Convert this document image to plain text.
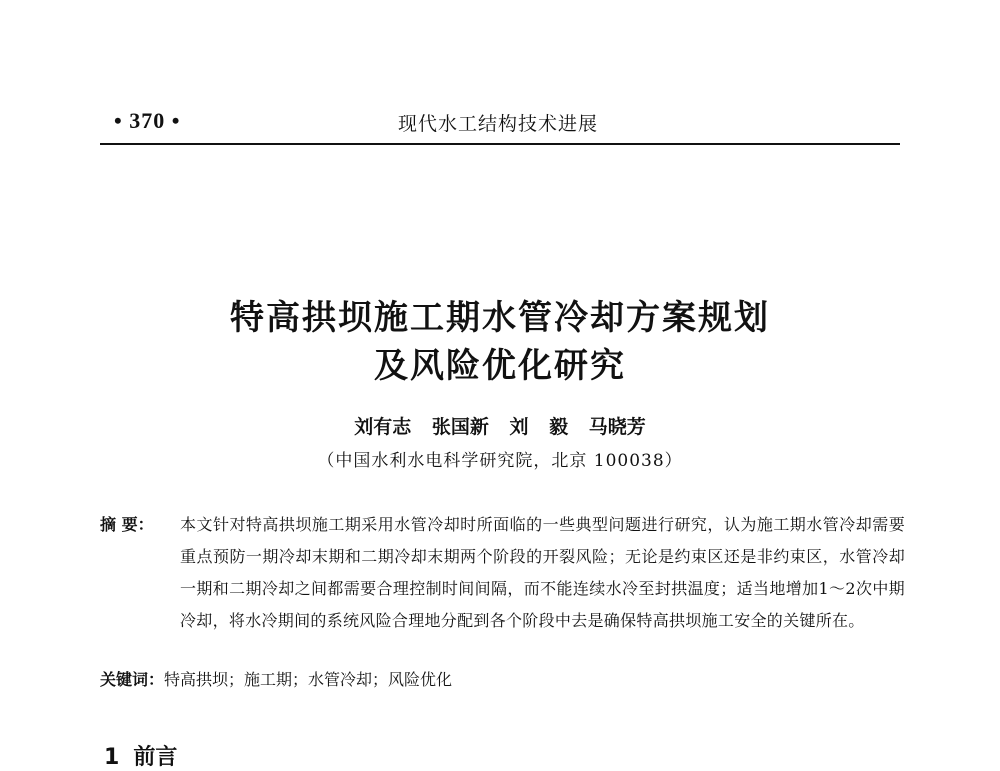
• 370 •	现代水工结构技术进展
特高拱坝施工期水管冷却方案规划
及风险优化研究
刘有志 张国新 刘 毅 马晓芳
（中国水利水电科学研究院，北京 100038）
摘 要：	本文针对特高拱坝施工期采用水管冷却时所面临的一些典型问题进行研究，认为施工期水管冷却需要重点预防一期冷却末期和二期冷却末期两个阶段的开裂风险；无论是约束区还是非约束区，水管冷却一期和二期冷却之间都需要合理控制时间间隔，而不能连续水冷至封拱温度；适当地增加1～2次中期冷却，将水冷期间的系统风险合理地分配到各个阶段中去是确保特高拱坝施工安全的关键所在。
关键词：特高拱坝；施工期；水管冷却；风险优化
1 前言
